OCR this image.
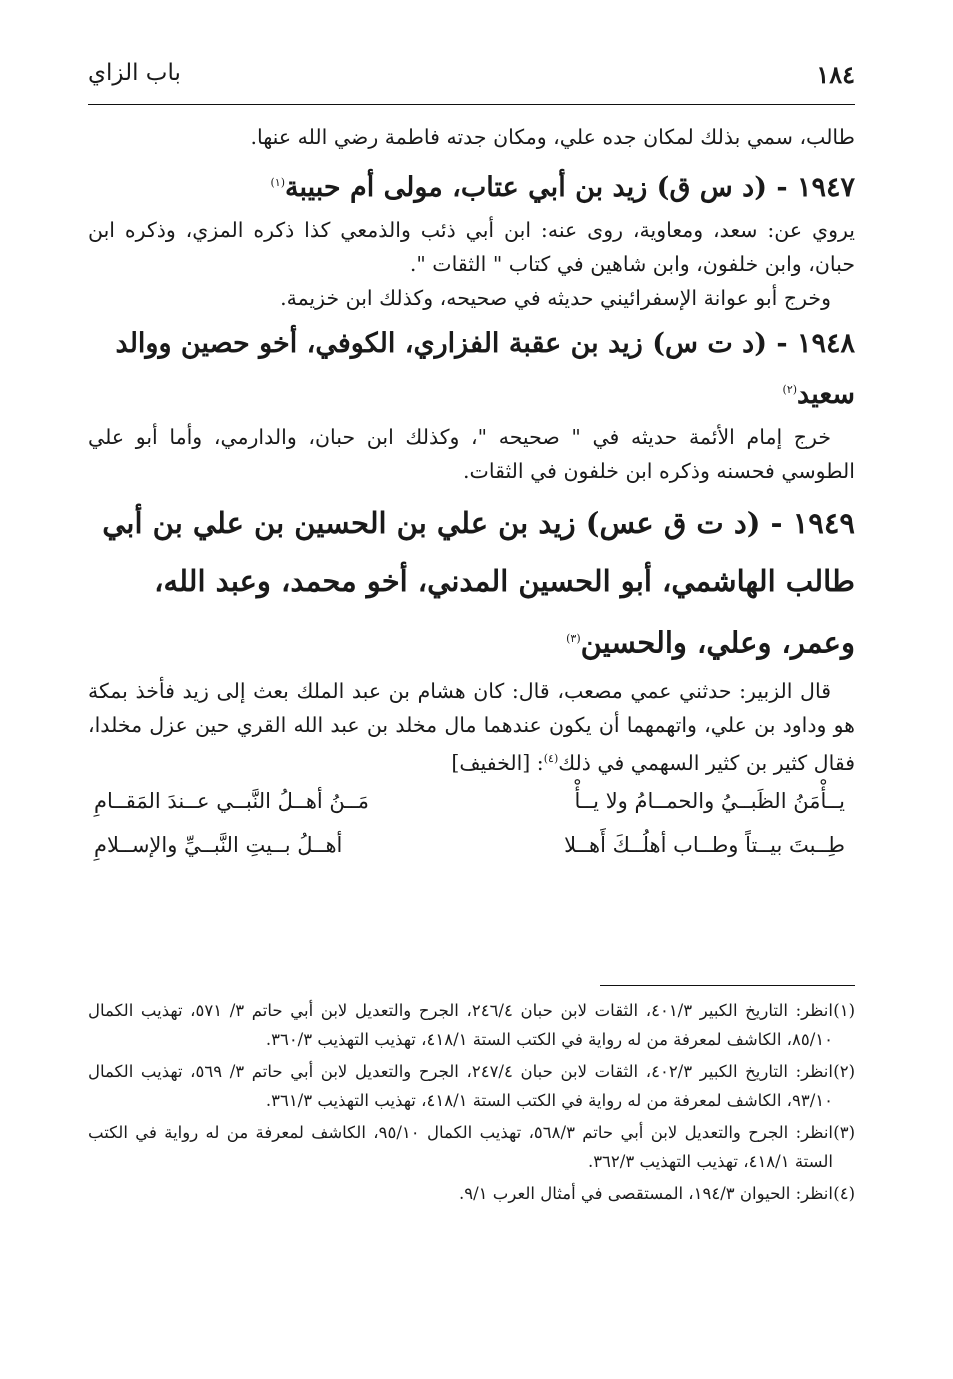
١٨٤
باب الزاي

طالب، سمي بذلك لمكان جده علي، ومكان جدته فاطمة رضي الله عنها.

١٩٤٧ - (د س ق) زيد بن أبي عتاب، مولى أم حبيبة$^{(١)}$

يروي عن: سعد، ومعاوية، روى عنه: ابن أبي ذئب والذمعي كذا ذكره المزي، وذكره ابن حبان، وابن خلفون، وابن شاهين في كتاب " الثقات ".

وخرج أبو عوانة الإسفرائيني حديثه في صحيحه، وكذلك ابن خزيمة.

١٩٤٨ - (د ت س) زيد بن عقبة الفزاري، الكوفي، أخو حصين ووالد سعيد$^{(٢)}$

خرج إمام الأئمة حديثه في " صحيحه "، وكذلك ابن حبان، والدارمي، وأما أبو علي الطوسي فحسنه وذكره ابن خلفون في الثقات.

١٩٤٩ - (د ت ق عس) زيد بن علي بن الحسين بن علي بن أبي طالب الهاشمي، أبو الحسين المدني، أخو محمد، وعبد الله، وعمر، وعلي، والحسين$^{(٣)}$

قال الزبير: حدثني عمي مصعب، قال: كان هشام بن عبد الملك بعث إلى زيد فأخذ بمكة هو وداود بن علي، واتهمهما أن يكون عندهما مال مخلد بن عبد الله القري حين عزل مخلدا، فقال كثير بن كثير السهمي في ذلك$^{(٤)}$: [الخفيف]

يــأْمَنُ الظَبــيُ والحمــامُ ولا يــأْ
مَــنُ أهــلُ النَّبــي عــندَ المَقــامِ
طِــبتَ بيــتاً وطــاب أهلُــكَ أَهــلا
أهــلُ بــيتِ النَّبــيِّ والإســلامِ
(١)
انظر: التاريخ الكبير ٤٠١/٣، الثقات لابن حبان ٢٤٦/٤، الجرح والتعديل لابن أبي حاتم ٣/ ٥٧١، تهذيب الكمال ٨٥/١٠، الكاشف لمعرفة من له رواية في الكتب الستة ٤١٨/١، تهذيب التهذيب ٣٦٠/٣.
(٢)
انظر: التاريخ الكبير ٤٠٢/٣، الثقات لابن حبان ٢٤٧/٤، الجرح والتعديل لابن أبي حاتم ٣/ ٥٦٩، تهذيب الكمال ٩٣/١٠، الكاشف لمعرفة من له رواية في الكتب الستة ٤١٨/١، تهذيب التهذيب ٣٦١/٣.
(٣)
انظر: الجرح والتعديل لابن أبي حاتم ٥٦٨/٣، تهذيب الكمال ٩٥/١٠، الكاشف لمعرفة من له رواية في الكتب الستة ٤١٨/١، تهذيب التهذيب ٣٦٢/٣.
(٤)
انظر: الحيوان ١٩٤/٣، المستقصى في أمثال العرب ٩/١.
